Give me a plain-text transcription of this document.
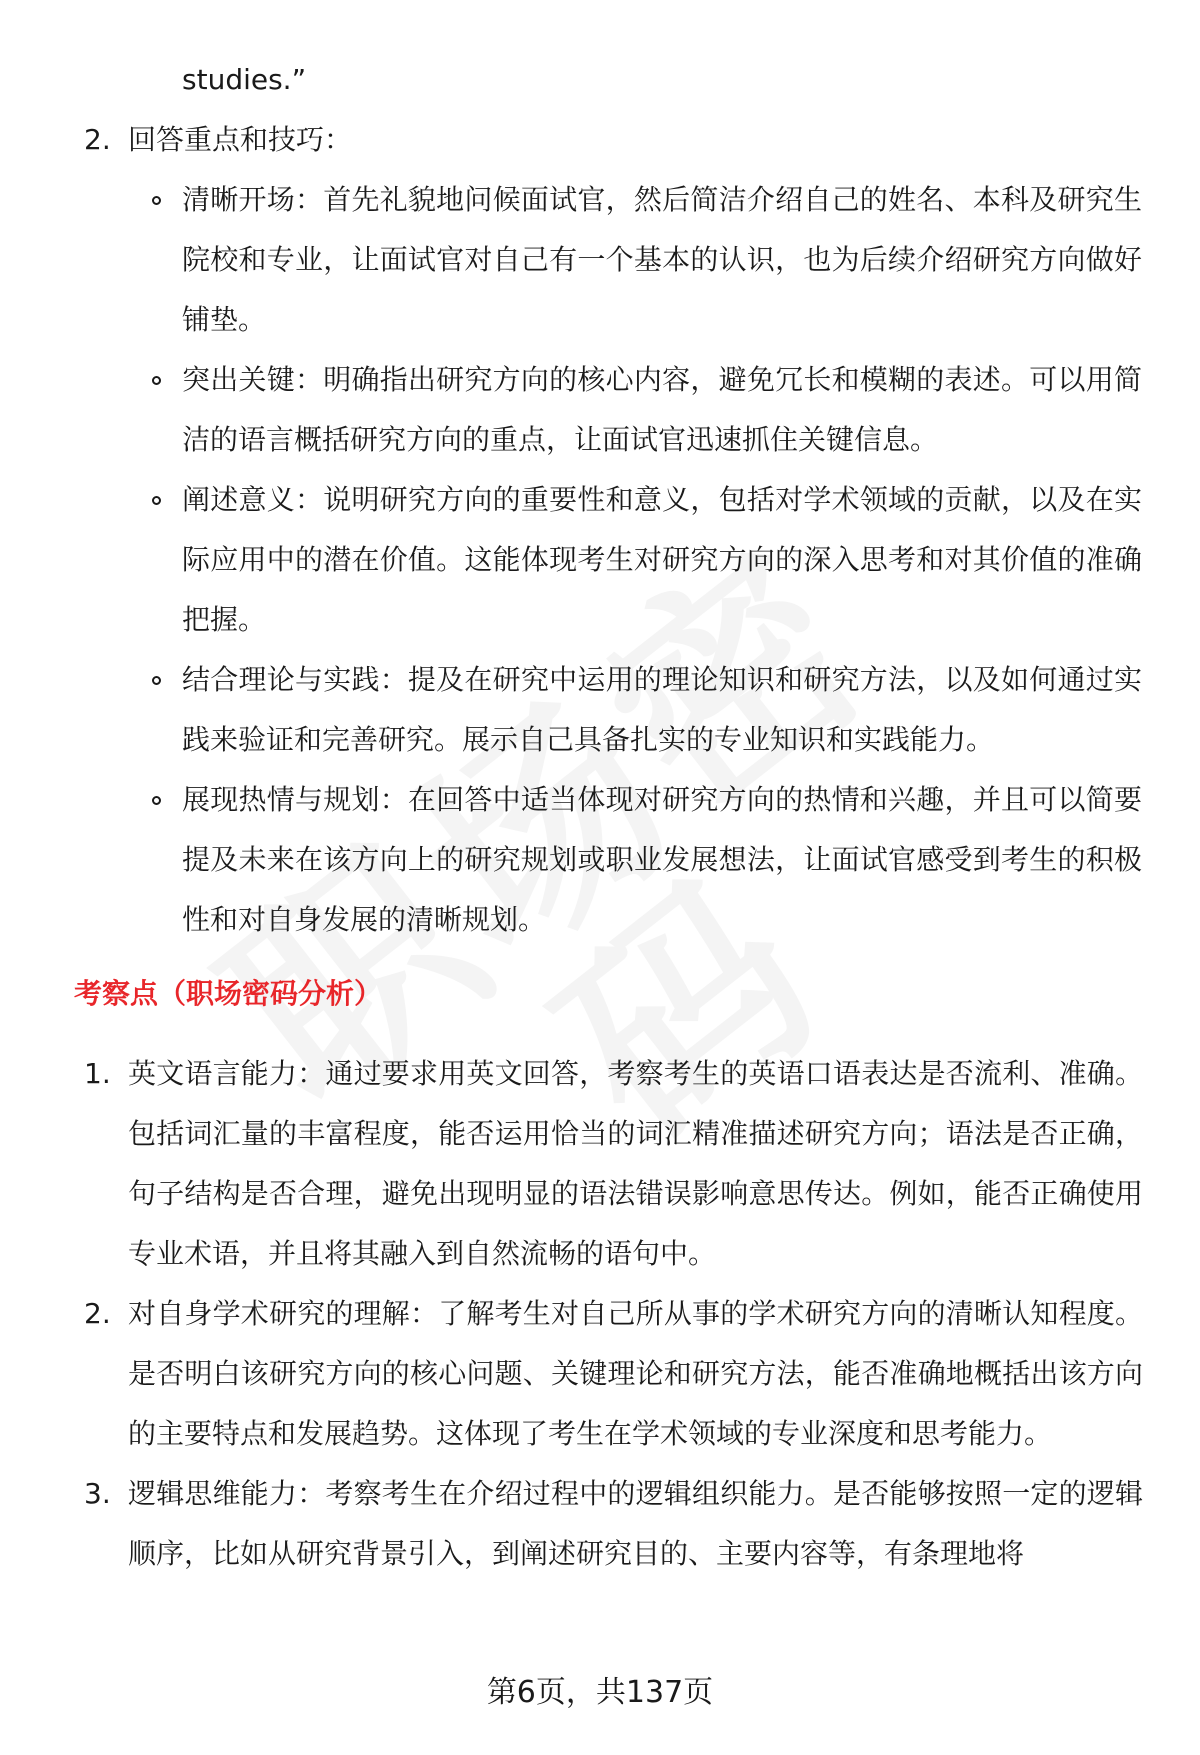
studies.”
2. 回答重点和技巧：
清晰开场：首先礼貌地问候面试官，然后简洁介绍自己的姓名、本科及研究生院校和专业，让面试官对自己有一个基本的认识，也为后续介绍研究方向做好铺垫。
突出关键：明确指出研究方向的核心内容，避免冗长和模糊的表述。可以用简洁的语言概括研究方向的重点，让面试官迅速抓住关键信息。
阐述意义：说明研究方向的重要性和意义，包括对学术领域的贡献，以及在实际应用中的潜在价值。这能体现考生对研究方向的深入思考和对其价值的准确把握。
结合理论与实践：提及在研究中运用的理论知识和研究方法，以及如何通过实践来验证和完善研究。展示自己具备扎实的专业知识和实践能力。
展现热情与规划：在回答中适当体现对研究方向的热情和兴趣，并且可以简要提及未来在该方向上的研究规划或职业发展想法，让面试官感受到考生的积极性和对自身发展的清晰规划。
考察点（职场密码分析）
1. 英文语言能力：通过要求用英文回答，考察考生的英语口语表达是否流利、准确。包括词汇量的丰富程度，能否运用恰当的词汇精准描述研究方向；语法是否正确，句子结构是否合理，避免出现明显的语法错误影响意思传达。例如，能否正确使用专业术语，并且将其融入到自然流畅的语句中。
2. 对自身学术研究的理解：了解考生对自己所从事的学术研究方向的清晰认知程度。是否明白该研究方向的核心问题、关键理论和研究方法，能否准确地概括出该方向的主要特点和发展趋势。这体现了考生在学术领域的专业深度和思考能力。
3. 逻辑思维能力：考察考生在介绍过程中的逻辑组织能力。是否能够按照一定的逻辑顺序，比如从研究背景引入，到阐述研究目的、主要内容等，有条理地将
第6页，共137页
